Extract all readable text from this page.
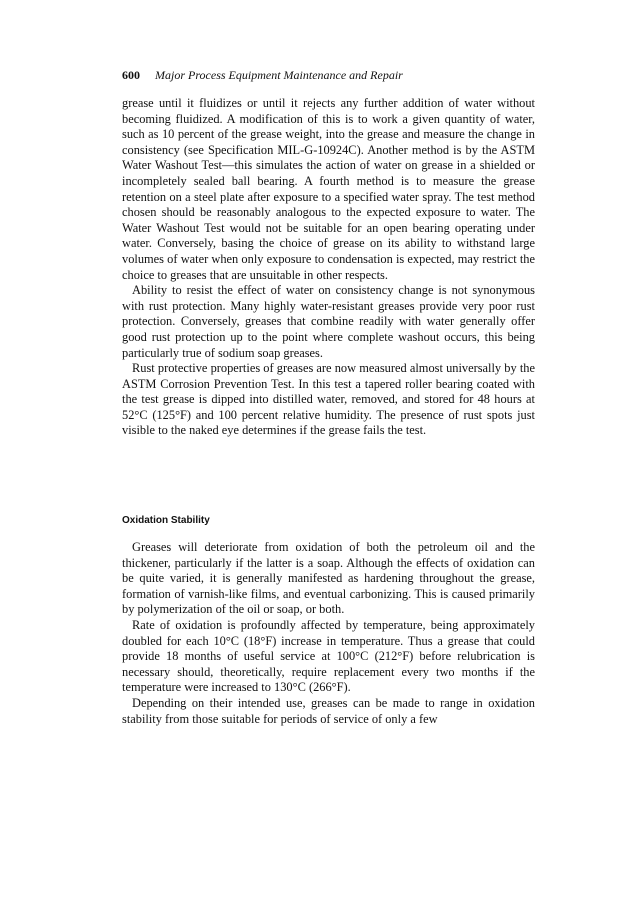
600 Major Process Equipment Maintenance and Repair

grease until it fluidizes or until it rejects any further addition of water without becoming fluidized. A modification of this is to work a given quantity of water, such as 10 percent of the grease weight, into the grease and measure the change in consistency (see Specification MIL-G-10924C). Another method is by the ASTM Water Washout Test—this simulates the action of water on grease in a shielded or incompletely sealed ball bearing. A fourth method is to measure the grease retention on a steel plate after exposure to a specified water spray. The test method chosen should be reasonably analogous to the expected exposure to water. The Water Washout Test would not be suitable for an open bearing operating under water. Conversely, basing the choice of grease on its ability to withstand large volumes of water when only exposure to condensation is expected, may restrict the choice to greases that are unsuitable in other respects.

Ability to resist the effect of water on consistency change is not synonymous with rust protection. Many highly water-resistant greases provide very poor rust protection. Conversely, greases that combine readily with water generally offer good rust protection up to the point where complete washout occurs, this being particularly true of sodium soap greases.

Rust protective properties of greases are now measured almost universally by the ASTM Corrosion Prevention Test. In this test a tapered roller bearing coated with the test grease is dipped into distilled water, removed, and stored for 48 hours at 52°C (125°F) and 100 percent relative humidity. The presence of rust spots just visible to the naked eye determines if the grease fails the test.

Oxidation Stability

Greases will deteriorate from oxidation of both the petroleum oil and the thickener, particularly if the latter is a soap. Although the effects of oxidation can be quite varied, it is generally manifested as hardening throughout the grease, formation of varnish-like films, and eventual carbonizing. This is caused primarily by polymerization of the oil or soap, or both.

Rate of oxidation is profoundly affected by temperature, being approximately doubled for each 10°C (18°F) increase in temperature. Thus a grease that could provide 18 months of useful service at 100°C (212°F) before relubrication is necessary should, theoretically, require replacement every two months if the temperature were increased to 130°C (266°F).

Depending on their intended use, greases can be made to range in oxidation stability from those suitable for periods of service of only a few
